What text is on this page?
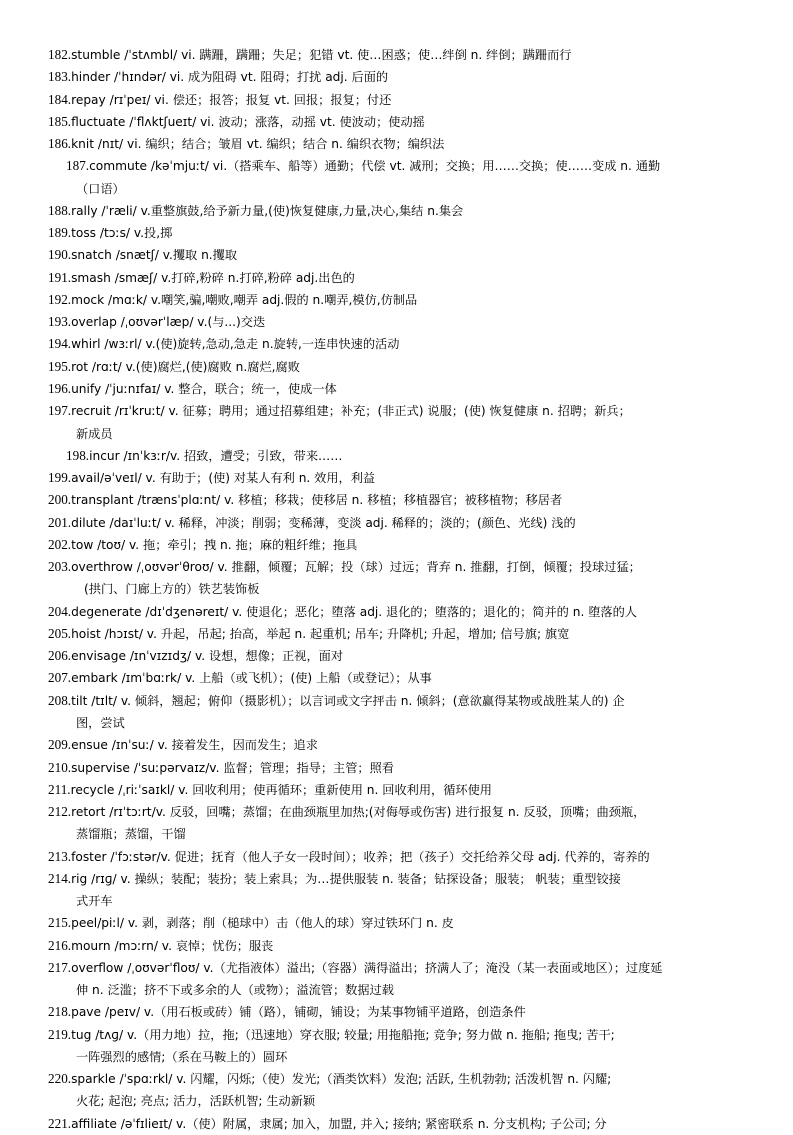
182.stumble /ˈstʌmbl/ vi. 蹒跚，蹒跚；失足；犯错 vt. 使…困惑；使…绊倒 n. 绊倒；蹒跚而行

183.hinder /ˈhɪndər/ vi. 成为阻碍 vt. 阻碍；打扰 adj. 后面的

184.repay /rɪˈpeɪ/ vi. 偿还；报答；报复 vt. 回报；报复；付还

185.fluctuate /ˈflʌktʃueɪt/ vi. 波动；涨落，动摇 vt. 使波动；使动摇

186.knit /nɪt/ vi. 编织；结合；皱眉 vt. 编织；结合 n. 编织衣物；编织法

187.commute /kəˈmjuːt/ vi.（搭乘车、船等）通勤；代偿 vt. 减刑；交换；用……交换；使……变成 n. 通勤

（口语）

188.rally /ˈræli/ v.重整旗鼓,给予新力量,(使)恢复健康,力量,决心,集结 n.集会

189.toss /tɔːs/ v.投,掷

190.snatch /snætʃ/ v.攫取 n.攫取

191.smash /smæʃ/ v.打碎,粉碎 n.打碎,粉碎 adj.出色的

192.mock /mɑːk/ v.嘲笑,骗,嘲败,嘲弄 adj.假的 n.嘲弄,模仿,仿制品

193.overlap /ˌoʊvərˈlæp/ v.(与...)交迭

194.whirl /wɜːrl/ v.(使)旋转,急动,急走 n.旋转,一连串快速的活动

195.rot /rɑːt/ v.(使)腐烂,(使)腐败 n.腐烂,腐败

196.unify /ˈjuːnɪfaɪ/ v. 整合，联合；统一，使成一体

197.recruit /rɪˈkruːt/ v. 征募；聘用；通过招募组建；补充；(非正式) 说服；(使) 恢复健康 n. 招聘；新兵；

新成员

198.incur /ɪnˈkɜːr/v. 招致，遭受；引致，带来……

199.avail/əˈveɪl/ v. 有助于；(使) 对某人有利 n. 效用，利益

200.transplant /trænsˈplɑːnt/ v. 移植；移栽；使移居 n. 移植；移植器官；被移植物；移居者

201.dilute /daɪˈluːt/ v. 稀释，冲淡；削弱；变稀薄，变淡 adj. 稀释的；淡的；(颜色、光线) 浅的

202.tow /toʊ/ v. 拖；牵引；拽 n. 拖；麻的粗纤维；拖具

203.overthrow /ˌoʊvərˈθroʊ/ v. 推翻，倾覆；瓦解；投（球）过远；背弃 n. 推翻，打倒，倾覆；投球过猛；

(拱门、门廊上方的）铁艺装饰板

204.degenerate /dɪˈdʒenəreɪt/ v. 使退化；恶化；堕落 adj. 退化的；堕落的；退化的；简并的 n. 堕落的人

205.hoist /hɔɪst/ v. 升起，吊起; 抬高，举起 n. 起重机; 吊车; 升降机; 升起，增加; 信号旗; 旗宽

206.envisage /ɪnˈvɪzɪdʒ/ v. 设想，想像；正视，面对

207.embark /ɪmˈbɑːrk/ v. 上船（或飞机）；(使) 上船（或登记）；从事

208.tilt /tɪlt/ v. 倾斜，翘起；俯仰（摄影机）；以言词或文字抨击 n. 倾斜；(意欲赢得某物或战胜某人的) 企

图，尝试

209.ensue /ɪnˈsuː/ v. 接着发生，因而发生；追求

210.supervise /ˈsuːpərvaɪz/v. 监督；管理；指导；主管；照看

211.recycle /ˌriːˈsaɪkl/ v. 回收利用；使再循环；重新使用 n. 回收利用，循环使用

212.retort /rɪˈtɔːrt/v. 反驳，回嘴；蒸馏；在曲颈瓶里加热;(对侮辱或伤害) 进行报复 n. 反驳，顶嘴；曲颈瓶，

蒸馏瓶；蒸馏，干馏

213.foster /ˈfɔːstər/v. 促进；抚育（他人子女一段时间）；收养；把（孩子）交托给养父母 adj. 代养的，寄养的

214.rig /rɪɡ/ v. 操纵；装配；装扮；装上索具；为…提供服装 n. 装备；钻探设备；服装； 帆装；重型铰接

式开车

215.peel/piːl/ v. 剥，剥落；削（槌球中）击（他人的球）穿过铁环门 n. 皮

216.mourn /mɔːrn/ v. 哀悼；忧伤；服丧

217.overflow /ˌoʊvərˈfloʊ/ v.（尤指液体）溢出;（容器）满得溢出；挤满人了；淹没（某一表面或地区）；过度延

伸 n. 泛滥；挤不下或多余的人（或物）；溢流管；数据过载

218.pave /peɪv/ v.（用石板或砖）铺（路），铺砌，铺设；为某事物铺平道路，创造条件

219.tug /tʌɡ/ v.（用力地）拉，拖;（迅速地）穿衣服; 较量; 用拖船拖; 竞争; 努力做 n. 拖船; 拖曳; 苦干;

一阵强烈的感情;（系在马鞍上的）圆环

220.sparkle /ˈspɑːrkl/ v. 闪耀，闪烁;（使）发光;（酒类饮料）发泡; 活跃, 生机勃勃; 活泼机智 n. 闪耀;

火花; 起泡; 亮点; 活力，活跃机智; 生动新颖

221.affiliate /əˈfɪlieɪt/ v.（使）附属，隶属; 加入，加盟, 并入; 接纳; 紧密联系 n. 分支机构; 子公司; 分
